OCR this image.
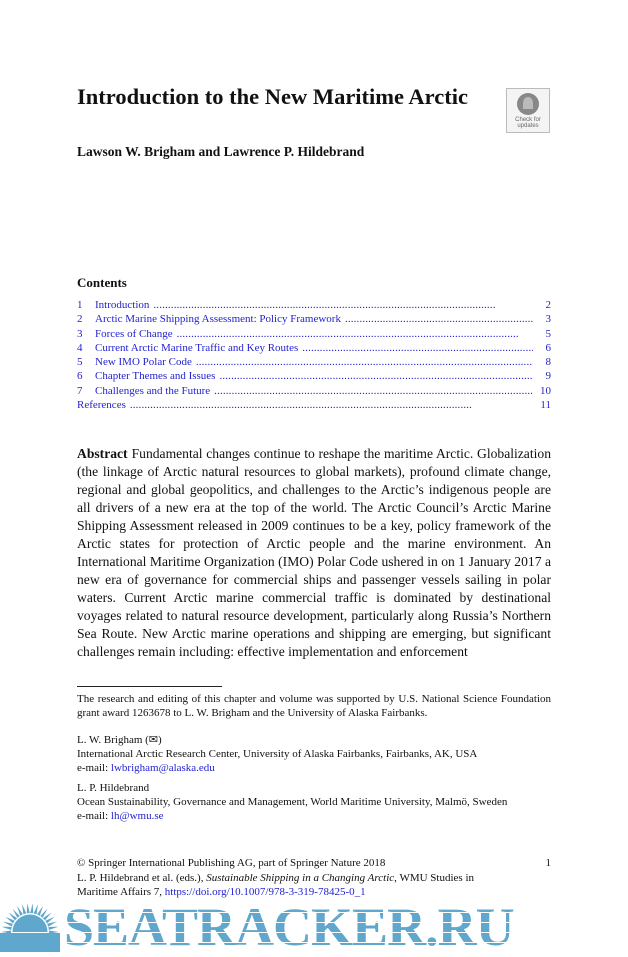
Introduction to the New Maritime Arctic
Check for
updates
Lawson W. Brigham and Lawrence P. Hildebrand
Contents
1	Introduction . . .	2
2	Arctic Marine Shipping Assessment: Policy Framework . . .	3
3	Forces of Change . . .	5
4	Current Arctic Marine Traffic and Key Routes . . .	6
5	New IMO Polar Code . . .	8
6	Chapter Themes and Issues . . .	9
7	Challenges and the Future . . .	10
References . . .	11
Abstract Fundamental changes continue to reshape the maritime Arctic. Globalization (the linkage of Arctic natural resources to global markets), profound climate change, regional and global geopolitics, and challenges to the Arctic’s indigenous people are all drivers of a new era at the top of the world. The Arctic Council’s Arctic Marine Shipping Assessment released in 2009 continues to be a key, policy framework of the Arctic states for protection of Arctic people and the marine environment. An International Maritime Organization (IMO) Polar Code ushered in on 1 January 2017 a new era of governance for commercial ships and passenger vessels sailing in polar waters. Current Arctic marine commercial traffic is dominated by destinational voyages related to natural resource development, particularly along Russia’s Northern Sea Route. New Arctic marine operations and shipping are emerging, but significant challenges remain including: effective implementation and enforcement
The research and editing of this chapter and volume was supported by U.S. National Science Foundation grant award 1263678 to L. W. Brigham and the University of Alaska Fairbanks.
L. W. Brigham (✉)
International Arctic Research Center, University of Alaska Fairbanks, Fairbanks, AK, USA
e-mail: lwbrigham@alaska.edu
L. P. Hildebrand
Ocean Sustainability, Governance and Management, World Maritime University, Malmö, Sweden
e-mail: lh@wmu.se
SEATRACKER.RU
© Springer International Publishing AG, part of Springer Nature 2018	1
L. P. Hildebrand et al. (eds.), Sustainable Shipping in a Changing Arctic, WMU Studies in Maritime Affairs 7, https://doi.org/10.1007/978-3-319-78425-0_1
